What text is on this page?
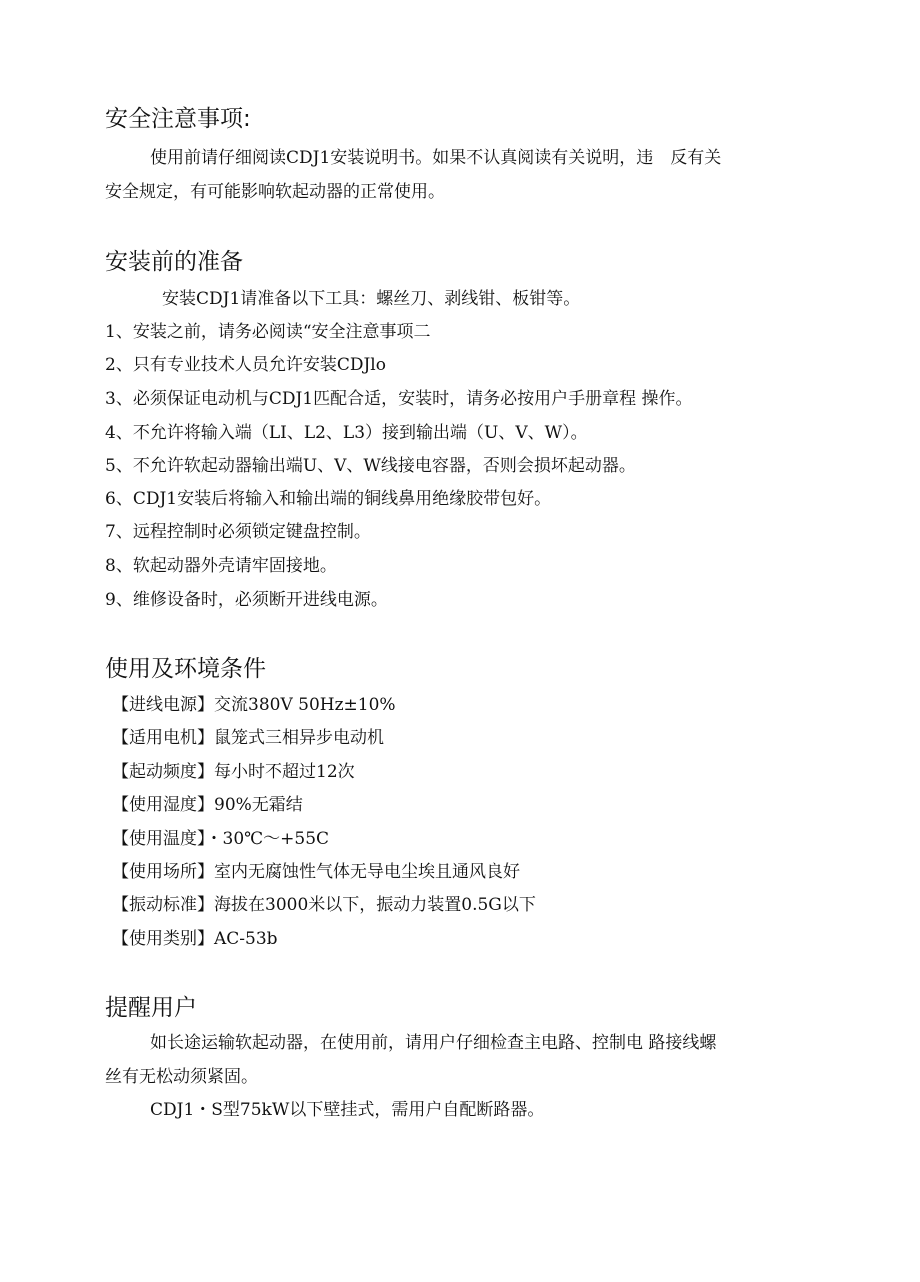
安全注意事项:
使用前请仔细阅读CDJ1安装说明书。如果不认真阅读有关说明，违　反有关
安全规定，有可能影响软起动器的正常使用。
安装前的准备
安装CDJ1请准备以下工具：螺丝刀、剥线钳、板钳等。
1、安装之前，请务必阅读“安全注意事项二
2、只有专业技术人员允许安装CDJlo
3、必须保证电动机与CDJ1匹配合适，安装时，请务必按用户手册章程 操作。
4、不允许将输入端（LI、L2、L3）接到输出端（U、V、W）。
5、不允许软起动器输出端U、V、W线接电容器，否则会损坏起动器。
6、CDJ1安装后将输入和输出端的铜线鼻用绝缘胶带包好。
7、远程控制时必须锁定键盘控制。
8、软起动器外壳请牢固接地。
9、维修设备时，必须断开进线电源。
使用及环境条件
【进线电源】交流380V 50Hz±10%
【适用电机】鼠笼式三相异步电动机
【起动频度】每小时不超过12次
【使用湿度】90%无霜结
【使用温度】・30℃〜+55C
【使用场所】室内无腐蚀性气体无导电尘埃且通风良好
【振动标准】海拔在3000米以下，振动力装置0.5G以下
【使用类别】AC-53b
提醒用户
如长途运输软起动器，在使用前，请用户仔细检查主电路、控制电 路接线螺
丝有无松动须紧固。
CDJ1・S型75kW以下壁挂式，需用户自配断路器。
